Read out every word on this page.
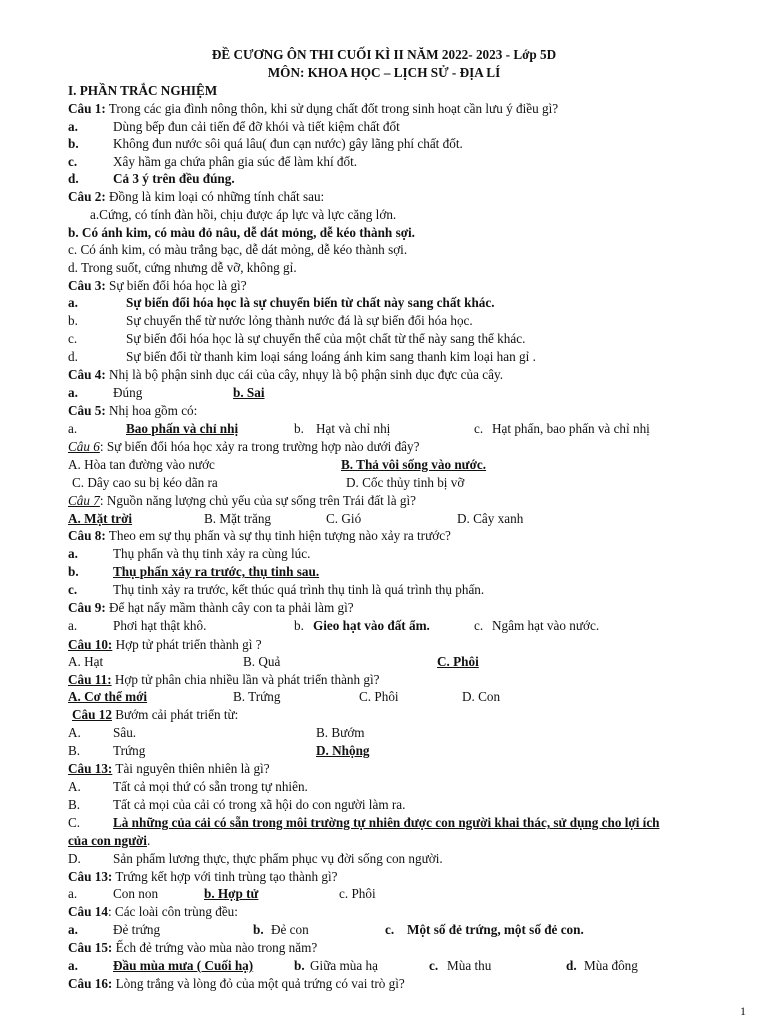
ĐỀ CƯƠNG ÔN THI CUỐI KÌ II NĂM 2022- 2023 - Lớp 5D
MÔN: KHOA HỌC – LỊCH SỬ - ĐỊA LÍ
I. PHẦN TRẮC NGHIỆM
Câu 1: Trong các gia đình nông thôn, khi sử dụng chất đốt trong sinh hoạt cần lưu ý điều gì?
a.	Dùng bếp đun cải tiến để đỡ khói và tiết kiệm chất đốt
b.	Không đun nước sôi quá lâu( đun cạn nước) gây lãng phí chất đốt.
c.	Xây hầm ga chứa phân gia súc để làm khí đốt.
d.	Cả 3 ý trên đều đúng.
Câu 2: Đồng là kim loại có những tính chất sau:
a.Cứng, có tính đàn hồi, chịu được áp lực và lực căng lớn.
b. Có ánh kim, có màu đỏ nâu, dễ dát mỏng, dễ kéo thành sợi.
c. Có ánh kim, có màu trắng bạc, dễ dát mỏng, dễ kéo thành sợi.
d. Trong suốt, cứng nhưng dễ vỡ, không gỉ.
Câu 3: Sự biến đổi hóa học là gì?
a.	Sự biến đổi hóa học là sự chuyển biến từ chất này sang chất khác.
b.	Sự chuyển thể từ nước lỏng thành nước đá là sự biến đổi hóa học.
c.	Sự biến đổi hóa học là sự chuyển thể của một chất từ thể này sang thể khác.
d.	Sự biến đổi từ thanh kim loại sáng loáng ánh kim sang thanh kim loại han gỉ .
Câu 4: Nhị là bộ phận sinh dục cái của cây, nhụy là bộ phận sinh dục đực của cây.
a.	Đúng	b. Sai
Câu 5: Nhị hoa gồm có:
a.	Bao phấn và chỉ nhị	b. Hạt và chỉ nhị	c. Hạt phấn, bao phấn và chỉ nhị
Câu 6: Sự biến đổi hóa học xảy ra trong trường hợp nào dưới đây?
A. Hòa tan đường vào nước	B. Thả vôi sống vào nước.
C. Dây cao su bị kéo dãn ra	D. Cốc thủy tinh bị vỡ
Câu 7: Nguồn năng lượng chủ yếu của sự sống trên Trái đất là gì?
A. Mặt trời	B. Mặt trăng	C. Gió	D. Cây xanh
Câu 8: Theo em sự thụ phấn và sự thụ tinh hiện tượng nào xảy ra trước?
a.	Thụ phấn và thụ tinh xảy ra cùng lúc.
b.	Thụ phấn xảy ra trước, thụ tinh sau.
c.	Thụ tinh xảy ra trước, kết thúc quá trình thụ tinh là quá trình thụ phấn.
Câu 9: Để hạt nẩy mầm thành cây con ta phải làm gì?
a.	Phơi hạt thật khô.	b. Gieo hạt vào đất ẩm.	c. Ngâm hạt vào nước.
Câu 10: Hợp tử phát triển thành gì ?
A. Hạt	B. Quả	C. Phôi
Câu 11: Hợp tử phân chia nhiều lần và phát triển thành gì?
A. Cơ thể mới	B. Trứng	C. Phôi	D. Con
Câu 12 Bướm cải phát triển từ:
A. Sâu.	B. Bướm
B. Trứng	D. Nhộng
Câu 13: Tài nguyên thiên nhiên là gì?
A. Tất cả mọi thứ có sẵn trong tự nhiên.
B. Tất cả mọi của cải có trong xã hội do con người làm ra.
C. Là những của cải có sẵn trong môi trường tự nhiên được con người khai thác, sử dụng cho lợi ích
của con người.
D. Sản phẩm lương thực, thực phẩm phục vụ đời sống con người.
Câu 13: Trứng kết hợp với tinh trùng tạo thành gì?
a.	Con non	b. Hợp tử	c. Phôi
Câu 14: Các loài côn trùng đều:
a.	Đẻ trứng	b. Đẻ con	c. Một số đẻ trứng, một số đẻ con.
Câu 15: Ếch đẻ trứng vào mùa nào trong năm?
a.	Đầu mùa mưa ( Cuối hạ)	b. Giữa mùa hạ	c. Mùa thu	d. Mùa đông
Câu 16: Lòng trắng và lòng đỏ của một quả trứng có vai trò gì?
1
